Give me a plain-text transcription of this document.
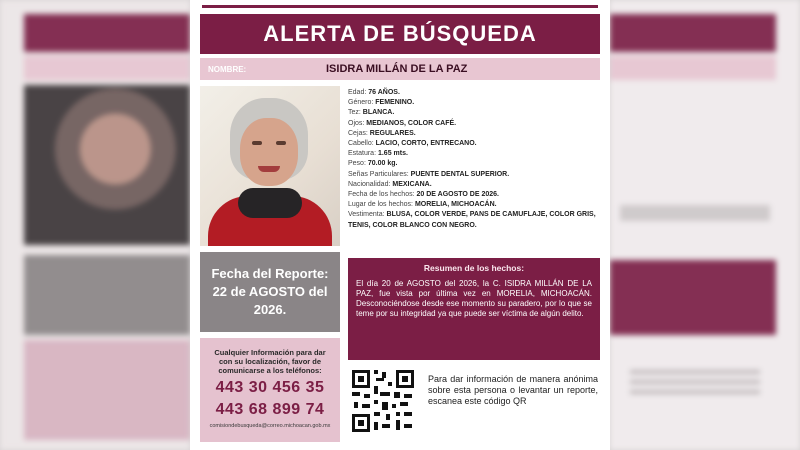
ALERTA DE BÚSQUEDA
NOMBRE:	ISIDRA MILLÁN DE LA PAZ
Edad: 76 AÑOS.
Género: FEMENINO.
Tez: BLANCA.
Ojos: MEDIANOS, COLOR CAFÉ.
Cejas: REGULARES.
Cabello: LACIO, CORTO, ENTRECANO.
Estatura: 1.65 mts.
Peso: 70.00 kg.
Señas Particulares: PUENTE DENTAL SUPERIOR.
Nacionalidad: MEXICANA.
Fecha de los hechos: 20 DE AGOSTO DE 2026.
Lugar de los hechos: MORELIA, MICHOACÁN.
Vestimenta: BLUSA, COLOR VERDE, PANS DE CAMUFLAJE, COLOR GRIS, TENIS, COLOR BLANCO CON NEGRO.
Fecha del Reporte:
22 de AGOSTO del 2026.
Resumen de los hechos:
El día 20 de AGOSTO del 2026, la C. ISIDRA MILLÁN DE LA PAZ, fue vista por última vez en MORELIA, MICHOACÁN. Desconociéndose desde ese momento su paradero, por lo que se teme por su integridad ya que puede ser víctima de algún delito.
Cualquier Información para dar con su localización, favor de comunicarse a los teléfonos:
443 30 456 35
443 68 899 74
comisiondebusqueda@correo.michoacan.gob.mx
Para dar información de manera anónima sobre esta persona o levantar un reporte, escanea este código QR
